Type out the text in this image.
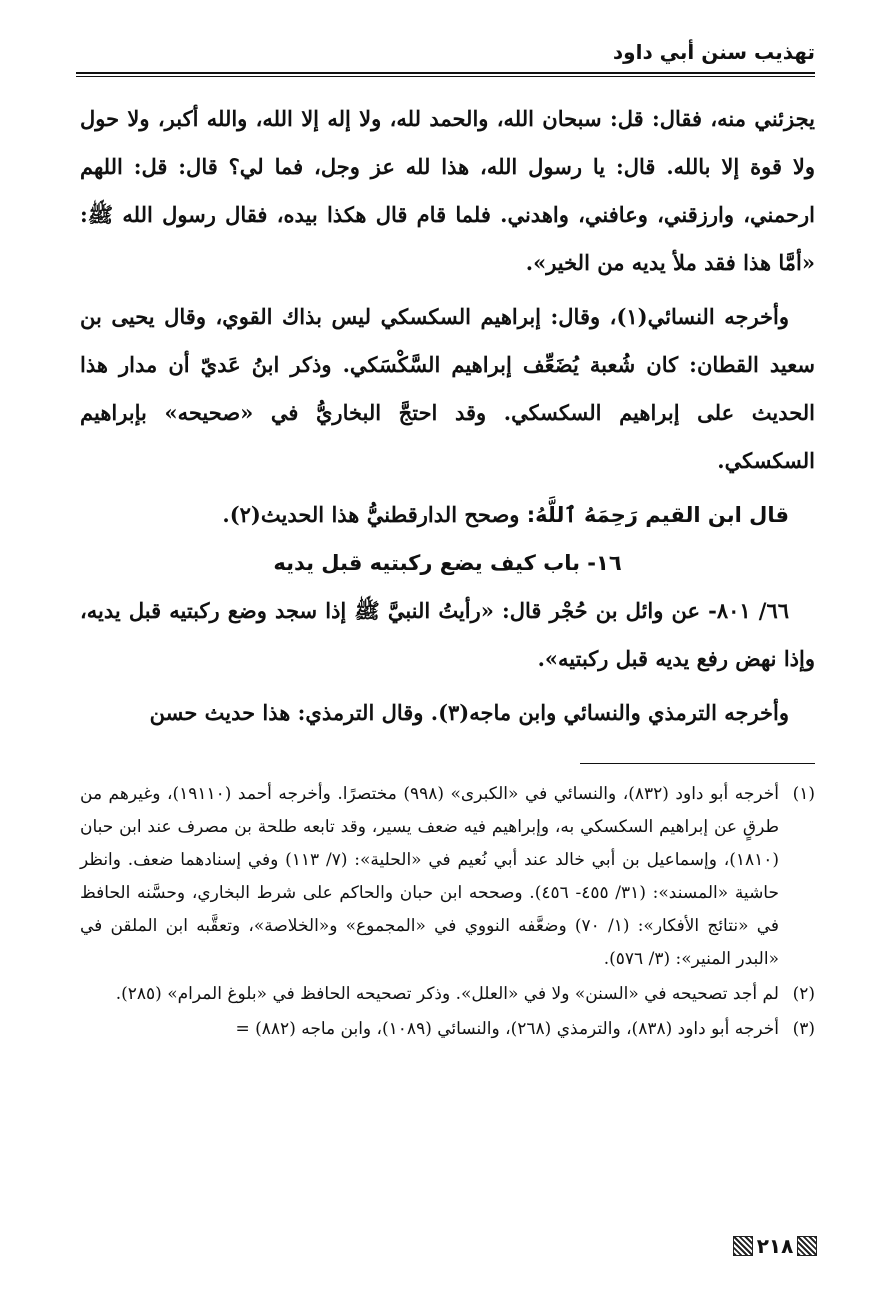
تهذيب سنن أبي داود

يجزئني منه، فقال: قل: سبحان الله، والحمد لله، ولا إله إلا الله، والله أكبر، ولا حول ولا قوة إلا بالله. قال: يا رسول الله، هذا لله عز وجل، فما لي؟ قال: قل: اللهم ارحمني، وارزقني، وعافني، واهدني. فلما قام قال هكذا بيده، فقال رسول الله ﷺ: «أمَّا هذا فقد ملأ يديه من الخير».

وأخرجه النسائي(١)، وقال: إبراهيم السكسكي ليس بذاك القوي، وقال يحيى بن سعيد القطان: كان شُعبة يُضَعِّف إبراهيم السَّكْسَكي. وذكر ابنُ عَديّ أن مدار هذا الحديث على إبراهيم السكسكي. وقد احتجَّ البخاريُّ في «صحيحه» بإبراهيم السكسكي.

قال ابن القيم رَحِمَهُ ٱللَّهُ: وصحح الدارقطنيُّ هذا الحديث(٢).

١٦- باب كيف يضع ركبتيه قبل يديه

٦٦/ ٨٠١- عن وائل بن حُجْر قال: «رأيتُ النبيَّ ﷺ إذا سجد وضع ركبتيه قبل يديه، وإذا نهض رفع يديه قبل ركبتيه».

وأخرجه الترمذي والنسائي وابن ماجه(٣). وقال الترمذي: هذا حديث حسن

(١)
أخرجه أبو داود (٨٣٢)، والنسائي في «الكبرى» (٩٩٨) مختصرًا. وأخرجه أحمد (١٩١١٠)، وغيرهم من طرقٍ عن إبراهيم السكسكي به، وإبراهيم فيه ضعف يسير، وقد تابعه طلحة بن مصرف عند ابن حبان (١٨١٠)، وإسماعيل بن أبي خالد عند أبي نُعيم في «الحلية»: (٧/ ١١٣) وفي إسنادهما ضعف. وانظر حاشية «المسند»: (٣١/ ٤٥٥- ٤٥٦). وصححه ابن حبان والحاكم على شرط البخاري، وحسَّنه الحافظ في «نتائج الأفكار»: (١/ ٧٠) وضعَّفه النووي في «المجموع» و«الخلاصة»، وتعقَّبه ابن الملقن في «البدر المنير»: (٣/ ٥٧٦).
(٢)
لم أجد تصحيحه في «السنن» ولا في «العلل». وذكر تصحيحه الحافظ في «بلوغ المرام» (٢٨٥).
(٣)
أخرجه أبو داود (٨٣٨)، والترمذي (٢٦٨)، والنسائي (١٠٨٩)، وابن ماجه (٨٨٢) =
٢١٨
